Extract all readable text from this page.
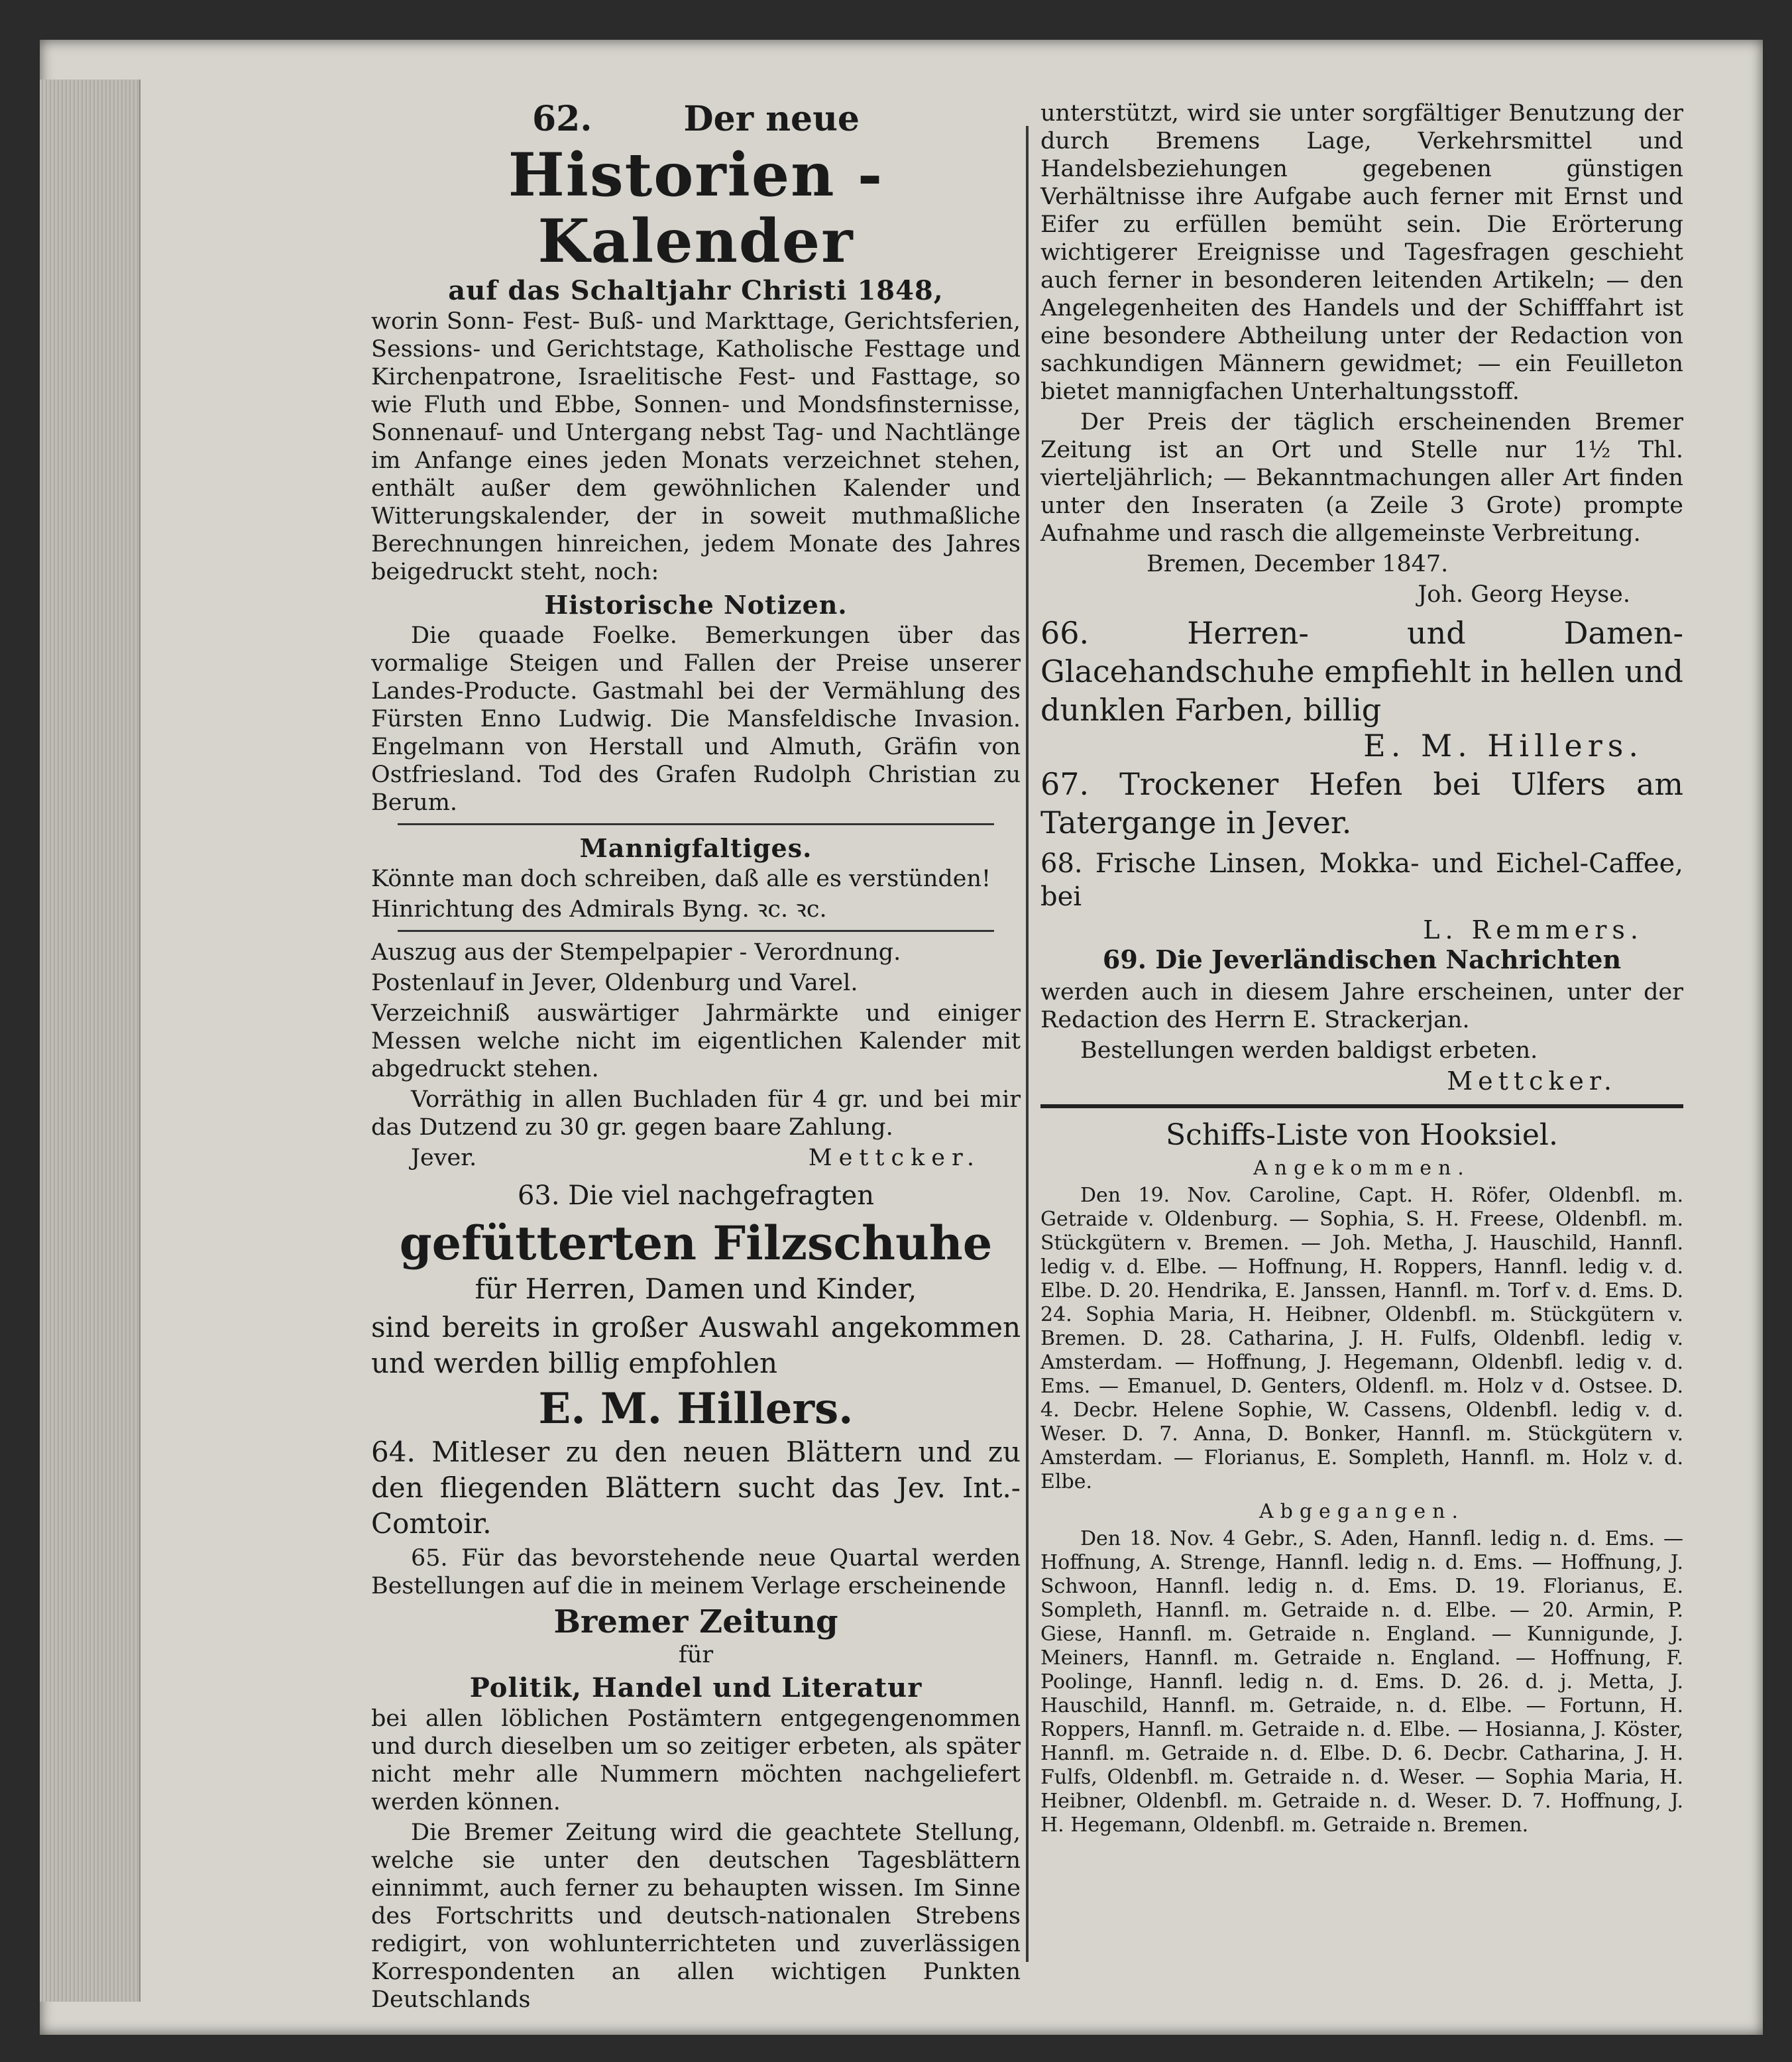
62.	Der neue
Historien - Kalender
auf das Schaltjahr Christi 1848,
worin Sonn- Fest- Buß- und Markttage, Gerichtsferien, Sessions- und Gerichtstage, Katholische Festtage und Kirchenpatrone, Israelitische Fest- und Fasttage, so wie Fluth und Ebbe, Sonnen- und Mondsfinsternisse, Sonnenauf- und Untergang nebst Tag- und Nachtlänge im Anfange eines jeden Monats verzeichnet stehen, enthält außer dem gewöhnlichen Kalender und Witterungskalender, der in soweit muthmaßliche Berechnungen hinreichen, jedem Monate des Jahres beigedruckt steht, noch:
Historische Notizen.
Die quaade Foelke. Bemerkungen über das vormalige Steigen und Fallen der Preise unserer Landes-Producte. Gastmahl bei der Vermählung des Fürsten Enno Ludwig. Die Mansfeldische Invasion. Engelmann von Herstall und Almuth, Gräfin von Ostfriesland. Tod des Grafen Rudolph Christian zu Berum.
Mannigfaltiges.
Könnte man doch schreiben, daß alle es verstünden!
Hinrichtung des Admirals Byng. ꝛc. ꝛc.
Auszug aus der Stempelpapier - Verordnung.
Postenlauf in Jever, Oldenburg und Varel.
Verzeichniß auswärtiger Jahrmärkte und einiger Messen welche nicht im eigentlichen Kalender mit abgedruckt stehen.
Vorräthig in allen Buchladen für 4 gr. und bei mir das Dutzend zu 30 gr. gegen baare Zahlung.
Jever.	Mettcker.
63. Die viel nachgefragten
gefütterten Filzschuhe
für Herren, Damen und Kinder,
sind bereits in großer Auswahl angekommen und werden billig empfohlen
E. M. Hillers.
64. Mitleser zu den neuen Blättern und zu den fliegenden Blättern sucht das Jev. Int.-Comtoir.
65. Für das bevorstehende neue Quartal werden Bestellungen auf die in meinem Verlage erscheinende
Bremer Zeitung
für
Politik, Handel und Literatur
bei allen löblichen Postämtern entgegengenommen und durch dieselben um so zeitiger erbeten, als später nicht mehr alle Nummern möchten nachgeliefert werden können.
Die Bremer Zeitung wird die geachtete Stellung, welche sie unter den deutschen Tagesblättern einnimmt, auch ferner zu behaupten wissen. Im Sinne des Fortschritts und deutsch-nationalen Strebens redigirt, von wohlunterrichteten und zuverlässigen Korrespondenten an allen wichtigen Punkten Deutschlands
unterstützt, wird sie unter sorgfältiger Benutzung der durch Bremens Lage, Verkehrsmittel und Handelsbeziehungen gegebenen günstigen Verhältnisse ihre Aufgabe auch ferner mit Ernst und Eifer zu erfüllen bemüht sein. Die Erörterung wichtigerer Ereignisse und Tagesfragen geschieht auch ferner in besonderen leitenden Artikeln; — den Angelegenheiten des Handels und der Schifffahrt ist eine besondere Abtheilung unter der Redaction von sachkundigen Männern gewidmet; — ein Feuilleton bietet mannigfachen Unterhaltungsstoff.
Der Preis der täglich erscheinenden Bremer Zeitung ist an Ort und Stelle nur 1½ Thl. vierteljährlich; — Bekanntmachungen aller Art finden unter den Inseraten (a Zeile 3 Grote) prompte Aufnahme und rasch die allgemeinste Verbreitung.
Bremen, December 1847.
Joh. Georg Heyse.
66. Herren- und Damen-Glacehandschuhe empfiehlt in hellen und dunklen Farben, billig
E. M. Hillers.
67. Trockener Hefen bei Ulfers am Tatergange in Jever.
68. Frische Linsen, Mokka- und Eichel-Caffee, bei
L. Remmers.
69. Die Jeverländischen Nachrichten
werden auch in diesem Jahre erscheinen, unter der Redaction des Herrn E. Strackerjan.
Bestellungen werden baldigst erbeten.
Mettcker.
Schiffs-Liste von Hooksiel.
Angekommen.
Den 19. Nov. Caroline, Capt. H. Röfer, Oldenbfl. m. Getraide v. Oldenburg. — Sophia, S. H. Freese, Oldenbfl. m. Stückgütern v. Bremen. — Joh. Metha, J. Hauschild, Hannfl. ledig v. d. Elbe. — Hoffnung, H. Roppers, Hannfl. ledig v. d. Elbe. D. 20. Hendrika, E. Janssen, Hannfl. m. Torf v. d. Ems. D. 24. Sophia Maria, H. Heibner, Oldenbfl. m. Stückgütern v. Bremen. D. 28. Catharina, J. H. Fulfs, Oldenbfl. ledig v. Amsterdam. — Hoffnung, J. Hegemann, Oldenbfl. ledig v. d. Ems. — Emanuel, D. Genters, Oldenfl. m. Holz v d. Ostsee. D. 4. Decbr. Helene Sophie, W. Cassens, Oldenbfl. ledig v. d. Weser. D. 7. Anna, D. Bonker, Hannfl. m. Stückgütern v. Amsterdam. — Florianus, E. Sompleth, Hannfl. m. Holz v. d. Elbe.
Abgegangen.
Den 18. Nov. 4 Gebr., S. Aden, Hannfl. ledig n. d. Ems. — Hoffnung, A. Strenge, Hannfl. ledig n. d. Ems. — Hoffnung, J. Schwoon, Hannfl. ledig n. d. Ems. D. 19. Florianus, E. Sompleth, Hannfl. m. Getraide n. d. Elbe. — 20. Armin, P. Giese, Hannfl. m. Getraide n. England. — Kunnigunde, J. Meiners, Hannfl. m. Getraide n. England. — Hoffnung, F. Poolinge, Hannfl. ledig n. d. Ems. D. 26. d. j. Metta, J. Hauschild, Hannfl. m. Getraide, n. d. Elbe. — Fortunn, H. Roppers, Hannfl. m. Getraide n. d. Elbe. — Hosianna, J. Köster, Hannfl. m. Getraide n. d. Elbe. D. 6. Decbr. Catharina, J. H. Fulfs, Oldenbfl. m. Getraide n. d. Weser. — Sophia Maria, H. Heibner, Oldenbfl. m. Getraide n. d. Weser. D. 7. Hoffnung, J. H. Hegemann, Oldenbfl. m. Getraide n. Bremen.
